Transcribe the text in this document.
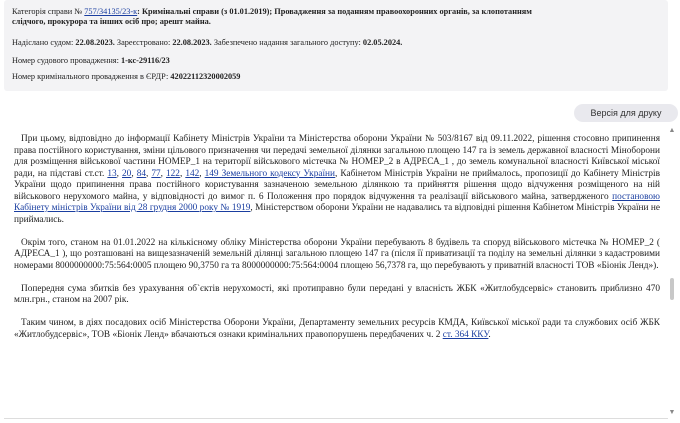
Категорія справи № 757/34135/23-к: Кримінальні справи (з 01.01.2019); Провадження за поданням правоохоронних органів, за клопотанням
слідчого, прокурора та інших осіб про; арешт майна.
Надіслано судом: 22.08.2023. Зареєстровано: 22.08.2023. Забезпечено надання загального доступу: 02.05.2024.
Номер судового провадження: 1-кс-29116/23
Номер кримінального провадження в ЄРДР: 42022112320002059
Версія для друку
▲
▼

При цьому, відповідно до інформації Кабінету Міністрів України та Міністерства оборони України № 503/8167 від 09.11.2022, рішення стосовно припинення права постійного користування, зміни цільового призначення чи передачі земельної ділянки загальною площею 147 га із земель державної власності Міноборони для розміщення військової частини НОМЕР_1 на території військового містечка № НОМЕР_2 в АДРЕСА_1 , до земель комунальної власності Київської міської ради, на підставі ст.ст. 13, 20, 84, 77, 122, 142, 149 Земельного кодексу України, Кабінетом Міністрів України не приймалось, пропозиції до Кабінету Міністрів України щодо припинення права постійного користування зазначеною земельною ділянкою та прийняття рішення щодо відчуження розміщеного на ній військового нерухомого майна, у відповідності до вимог п. 6 Положення про порядок відчуження та реалізації військового майна, затвердженого постановою Кабінету міністрів України від 28 грудня 2000 року № 1919, Міністерством оборони України не надавались та відповідні рішення Кабінетом Міністрів України не приймались.

Окрім того, станом на 01.01.2022 на кількісному обліку Міністерства оборони України перебувають 8 будівель та споруд військового містечка № НОМЕР_2 ( АДРЕСА_1 ), що розташовані на вищезазначеній земельній ділянці загальною площею 147 га (після її приватизації та поділу на земельні ділянки з кадастровими номерами 8000000000:75:564:0005 площею 90,3750 га та 8000000000:75:564:0004 площею 56,7378 га, що перебувають у приватній власності ТОВ «Біонік Ленд»).

Попередня сума збитків без урахування об`єктів нерухомості, які протиправно були передані у власність ЖБК «Житлобудсервіс» становить приблизно 470 млн.грн., станом на 2007 рік.

Таким чином, в діях посадових осіб Міністерства Оборони України, Департаменту земельних ресурсів КМДА, Київської міської ради та службових осіб ЖБК «Житлобудсервіс», ТОВ «Біонік Ленд» вбачаються ознаки кримінальних правопорушень передбачених ч. 2 ст. 364 ККУ.
